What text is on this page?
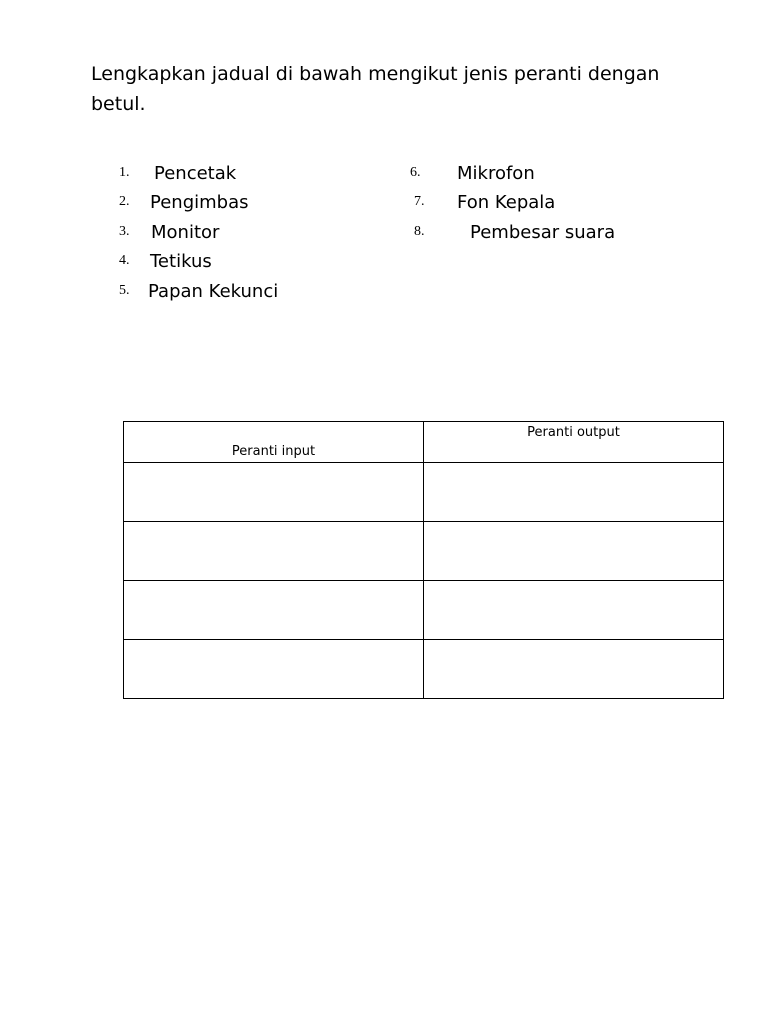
Lengkapkan jadual di bawah mengikut jenis peranti dengan betul.

1.	Pencetak
2.	Pengimbas
3.	Monitor
4.	Tetikus
5.	Papan Kekunci
6.	Mikrofon
7.	Fon Kepala
8.	Pembesar suara
Peranti input	Peranti output
